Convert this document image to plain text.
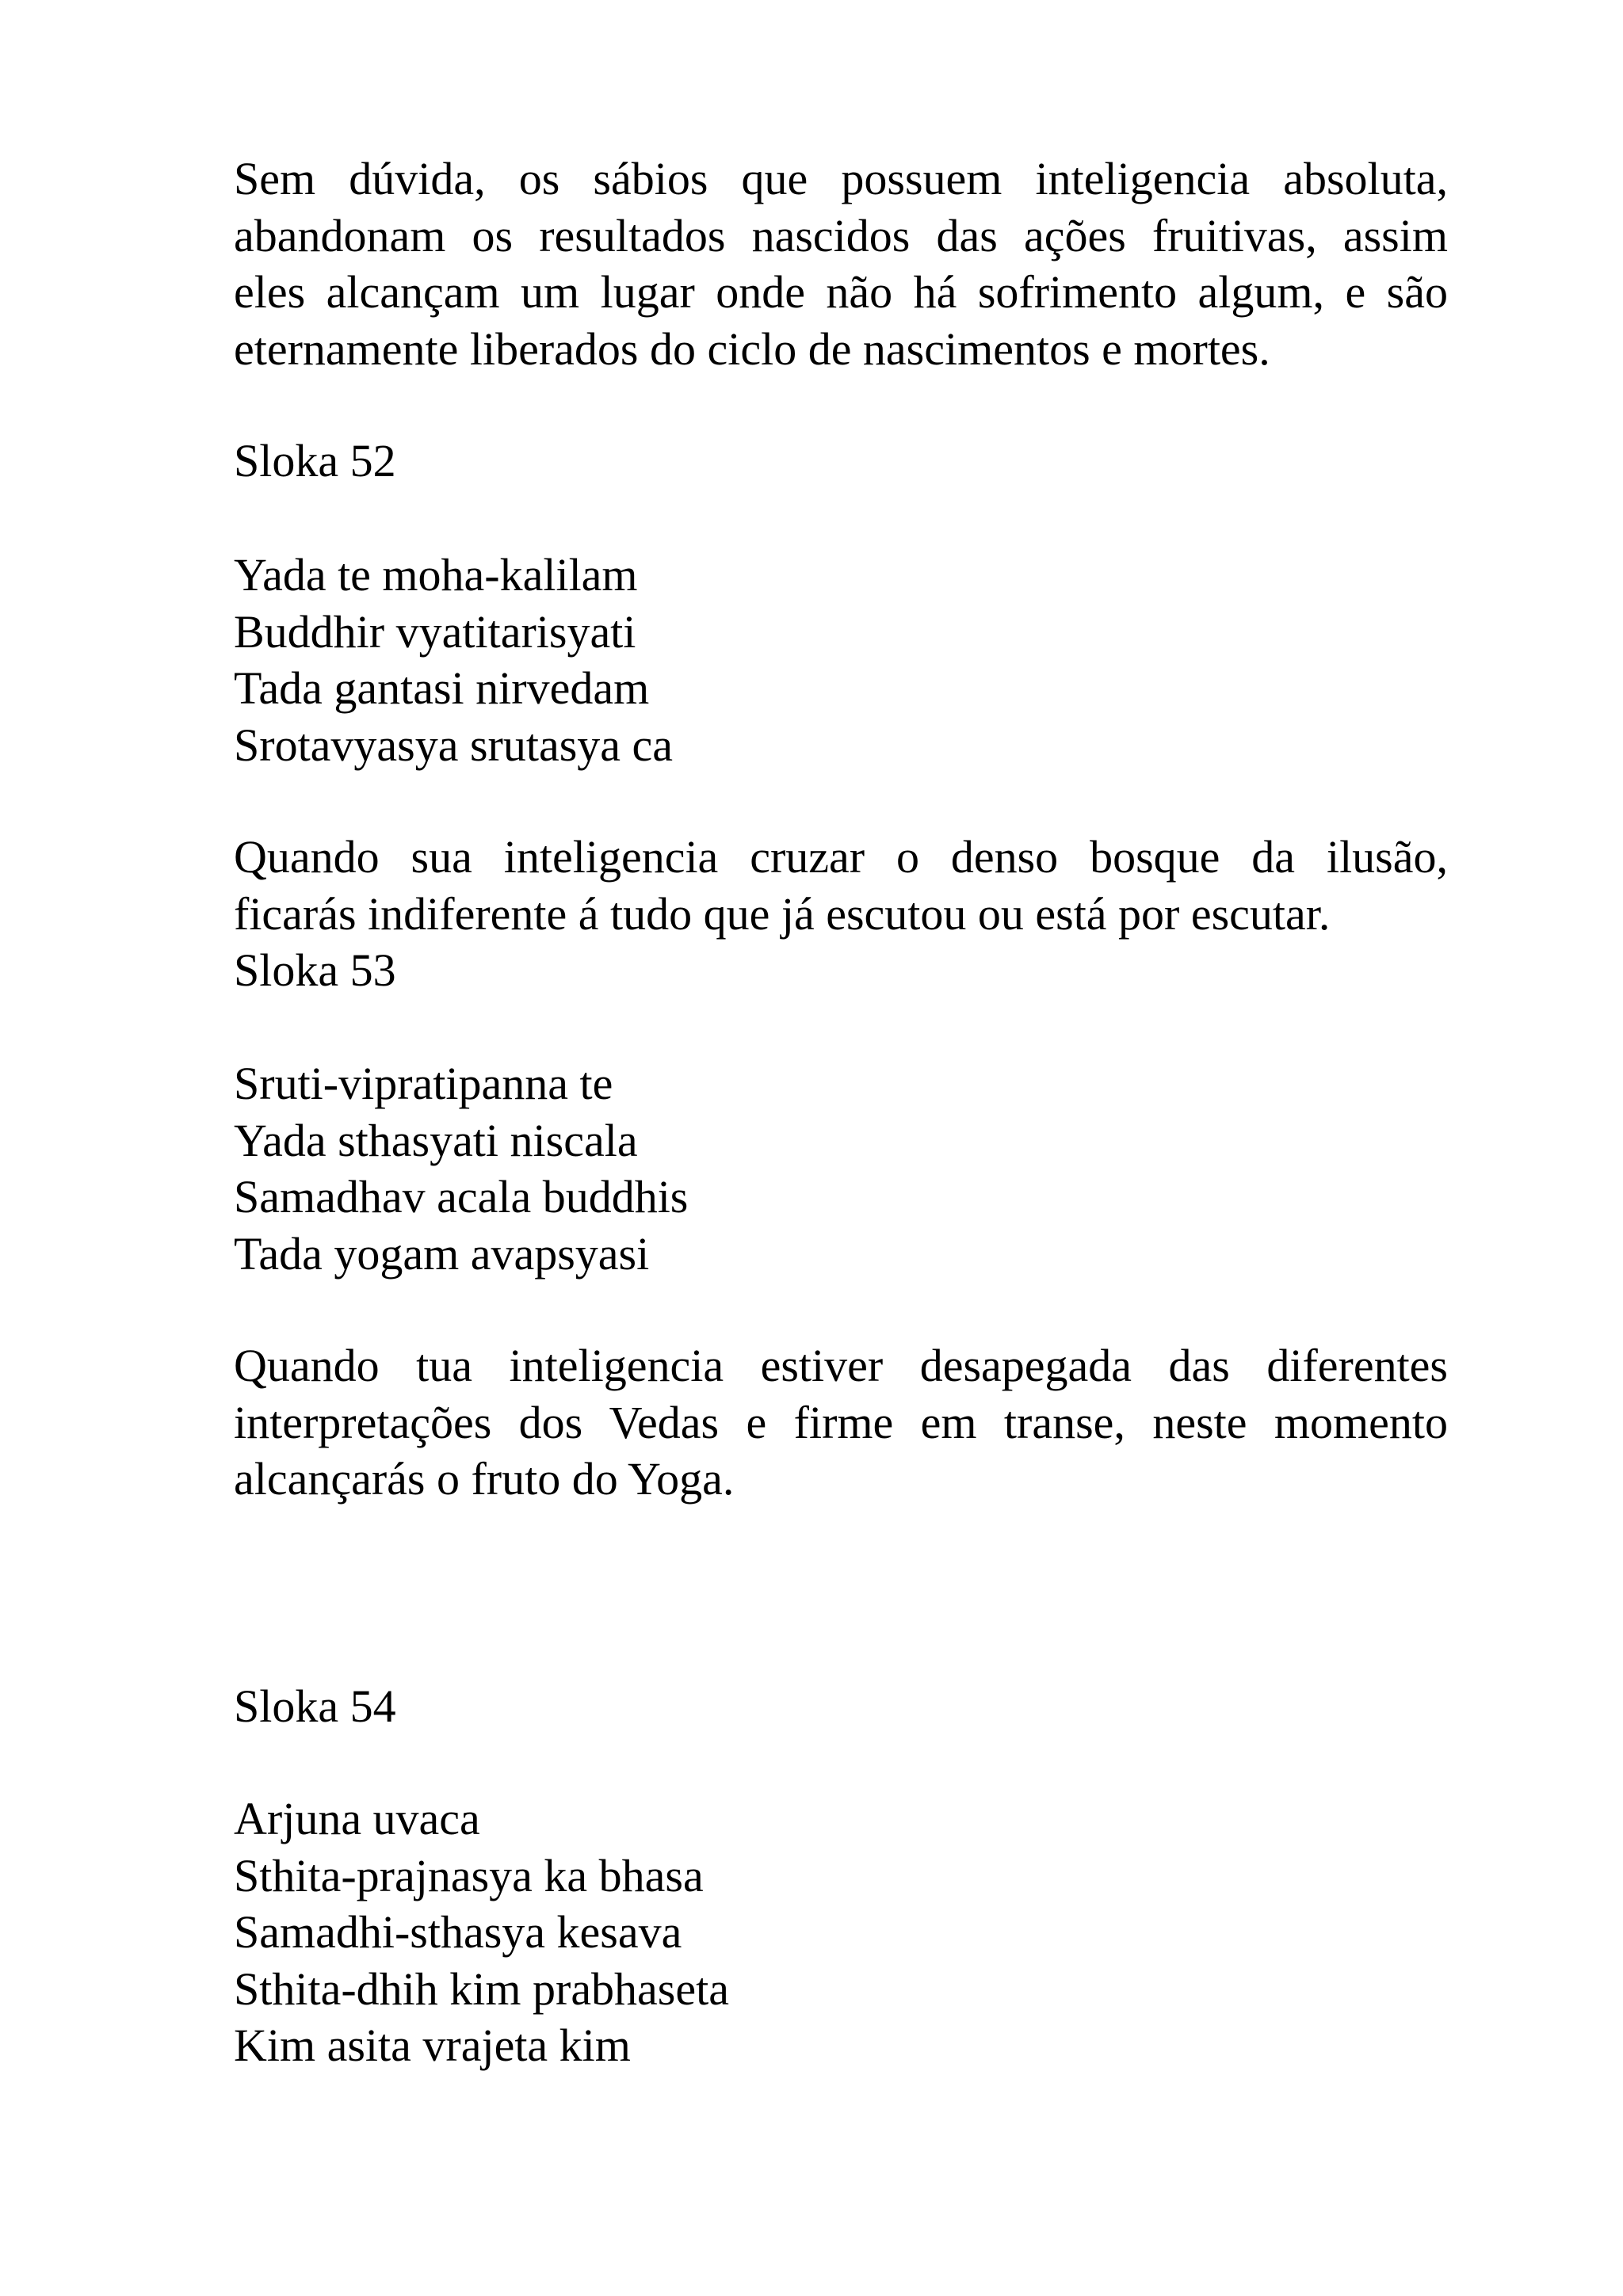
Sem dúvida, os sábios que possuem inteligencia absoluta,
abandonam os resultados nascidos das ações fruitivas, assim
eles alcançam um lugar onde não há sofrimento algum, e são
eternamente liberados do ciclo de nascimentos e mortes.
Sloka 52
Yada te moha-kalilam
Buddhir vyatitarisyati
Tada gantasi nirvedam
Srotavyasya srutasya ca
Quando sua inteligencia cruzar o denso bosque da ilusão,
ficarás indiferente á tudo que já escutou ou está por escutar.
Sloka 53
Sruti-vipratipanna te
Yada sthasyati niscala
Samadhav acala buddhis
Tada yogam avapsyasi
Quando tua inteligencia estiver desapegada das diferentes
interpretações dos Vedas e firme em transe, neste momento
alcançarás o fruto do Yoga.
Sloka 54
Arjuna uvaca
Sthita-prajnasya ka bhasa
Samadhi-sthasya kesava
Sthita-dhih kim prabhaseta
Kim asita vrajeta kim
